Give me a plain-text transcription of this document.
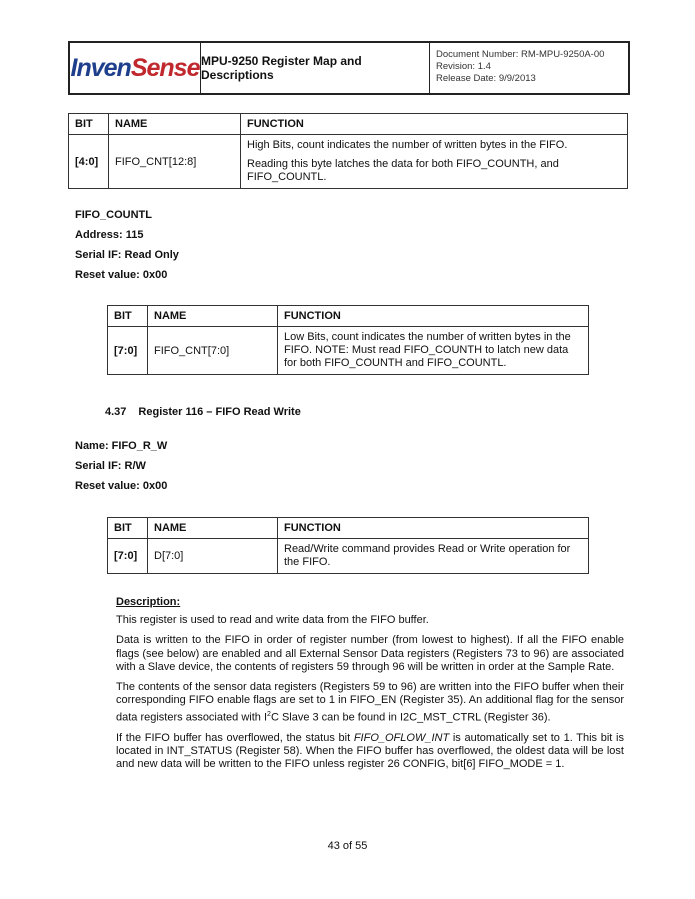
Inven Sense MPU-9250 Register Map and Descriptions
Document Number: RM-MPU-9250A-00
Revision: 1.4
Release Date: 9/9/2013
BIT	NAME	FUNCTION
[4:0]	FIFO_CNT[12:8]	High Bits, count indicates the number of written bytes in the FIFO.

Reading this byte latches the data for both FIFO_COUNTH, and FIFO_COUNTL.

FIFO_COUNTL
Address: 115
Serial IF: Read Only
Reset value: 0x00
BIT	NAME	FUNCTION
[7:0]	FIFO_CNT[7:0]	Low Bits, count indicates the number of written bytes in the FIFO. NOTE: Must read FIFO_COUNTH to latch new data for both FIFO_COUNTH and FIFO_COUNTL.

4.37 Register 116 – FIFO Read Write
Name: FIFO_R_W
Serial IF: R/W
Reset value: 0x00
BIT	NAME	FUNCTION
[7:0]	D[7:0]	Read/Write command provides Read or Write operation for the FIFO.

Description:

This register is used to read and write data from the FIFO buffer.

Data is written to the FIFO in order of register number (from lowest to highest). If all the FIFO enable flags (see below) are enabled and all External Sensor Data registers (Registers 73 to 96) are associated with a Slave device, the contents of registers 59 through 96 will be written in order at the Sample Rate.

The contents of the sensor data registers (Registers 59 to 96) are written into the FIFO buffer when their corresponding FIFO enable flags are set to 1 in FIFO_EN (Register 35). An additional flag for the sensor data registers associated with $I^2C$ Slave 3 can be found in I2C_MST_CTRL (Register 36).

If the FIFO buffer has overflowed, the status bit FIFO_OFLOW_INT is automatically set to 1. This bit is located in INT_STATUS (Register 58). When the FIFO buffer has overflowed, the oldest data will be lost and new data will be written to the FIFO unless register 26 CONFIG, bit[6] FIFO_MODE = 1.

43 of 55
